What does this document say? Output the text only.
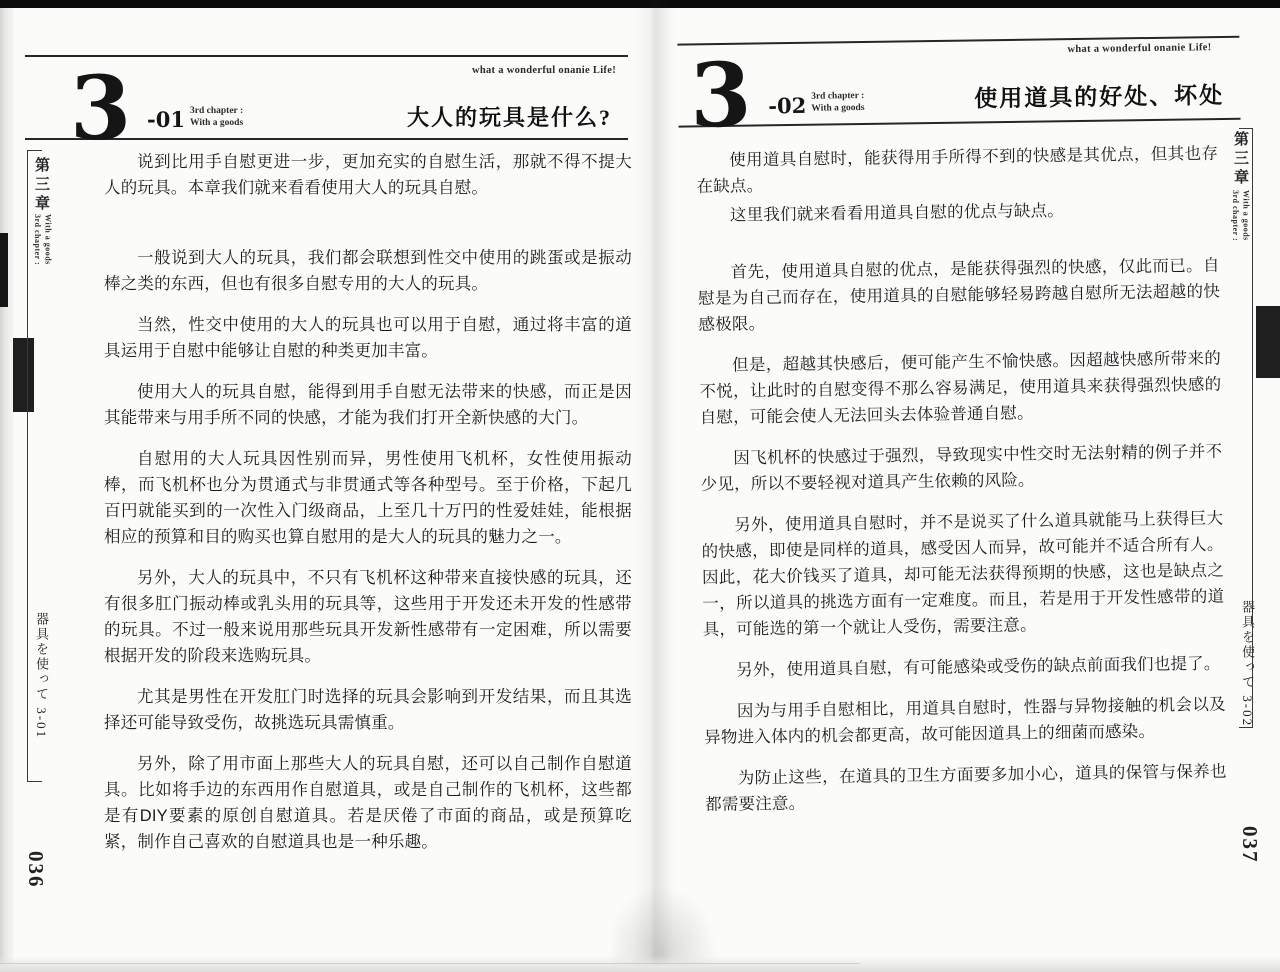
第三章
3rd chapter : With a goods
器具を使って 3-01
036
what a wonderful onanie Life!
3 -01 3rd chapter :
With a goods	大人的玩具是什么?

说到比用手自慰更进一步，更加充实的自慰生活，那就不得不提大人的玩具。本章我们就来看看使用大人的玩具自慰。

一般说到大人的玩具，我们都会联想到性交中使用的跳蛋或是振动棒之类的东西，但也有很多自慰专用的大人的玩具。

当然，性交中使用的大人的玩具也可以用于自慰，通过将丰富的道具运用于自慰中能够让自慰的种类更加丰富。

使用大人的玩具自慰，能得到用手自慰无法带来的快感，而正是因其能带来与用手所不同的快感，才能为我们打开全新快感的大门。

自慰用的大人玩具因性别而异，男性使用飞机杯，女性使用振动棒，而飞机杯也分为贯通式与非贯通式等各种型号。至于价格，下起几百円就能买到的一次性入门级商品，上至几十万円的性爱娃娃，能根据相应的预算和目的购买也算自慰用的是大人的玩具的魅力之一。

另外，大人的玩具中，不只有飞机杯这种带来直接快感的玩具，还有很多肛门振动棒或乳头用的玩具等，这些用于开发还未开发的性感带的玩具。不过一般来说用那些玩具开发新性感带有一定困难，所以需要根据开发的阶段来选购玩具。

尤其是男性在开发肛门时选择的玩具会影响到开发结果，而且其选择还可能导致受伤，故挑选玩具需慎重。

另外，除了用市面上那些大人的玩具自慰，还可以自己制作自慰道具。比如将手边的东西用作自慰道具，或是自己制作的飞机杯，这些都是有DIY要素的原创自慰道具。若是厌倦了市面的商品，或是预算吃紧，制作自己喜欢的自慰道具也是一种乐趣。

第三章
3rd chapter : With a goods
器具を使って 3-02
037
what a wonderful onanie Life!
3 -02 3rd chapter :
With a goods	使用道具的好处、坏处

使用道具自慰时，能获得用手所得不到的快感是其优点，但其也存在缺点。

这里我们就来看看用道具自慰的优点与缺点。

首先，使用道具自慰的优点，是能获得强烈的快感，仅此而已。自慰是为自己而存在，使用道具的自慰能够轻易跨越自慰所无法超越的快感极限。

但是，超越其快感后，便可能产生不愉快感。因超越快感所带来的不悦，让此时的自慰变得不那么容易满足，使用道具来获得强烈快感的自慰，可能会使人无法回头去体验普通自慰。

因飞机杯的快感过于强烈，导致现实中性交时无法射精的例子并不少见，所以不要轻视对道具产生依赖的风险。

另外，使用道具自慰时，并不是说买了什么道具就能马上获得巨大的快感，即使是同样的道具，感受因人而异，故可能并不适合所有人。因此，花大价钱买了道具，却可能无法获得预期的快感，这也是缺点之一，所以道具的挑选方面有一定难度。而且，若是用于开发性感带的道具，可能选的第一个就让人受伤，需要注意。

另外，使用道具自慰，有可能感染或受伤的缺点前面我们也提了。

因为与用手自慰相比，用道具自慰时，性器与异物接触的机会以及异物进入体内的机会都更高，故可能因道具上的细菌而感染。

为防止这些，在道具的卫生方面要多加小心，道具的保管与保养也都需要注意。
